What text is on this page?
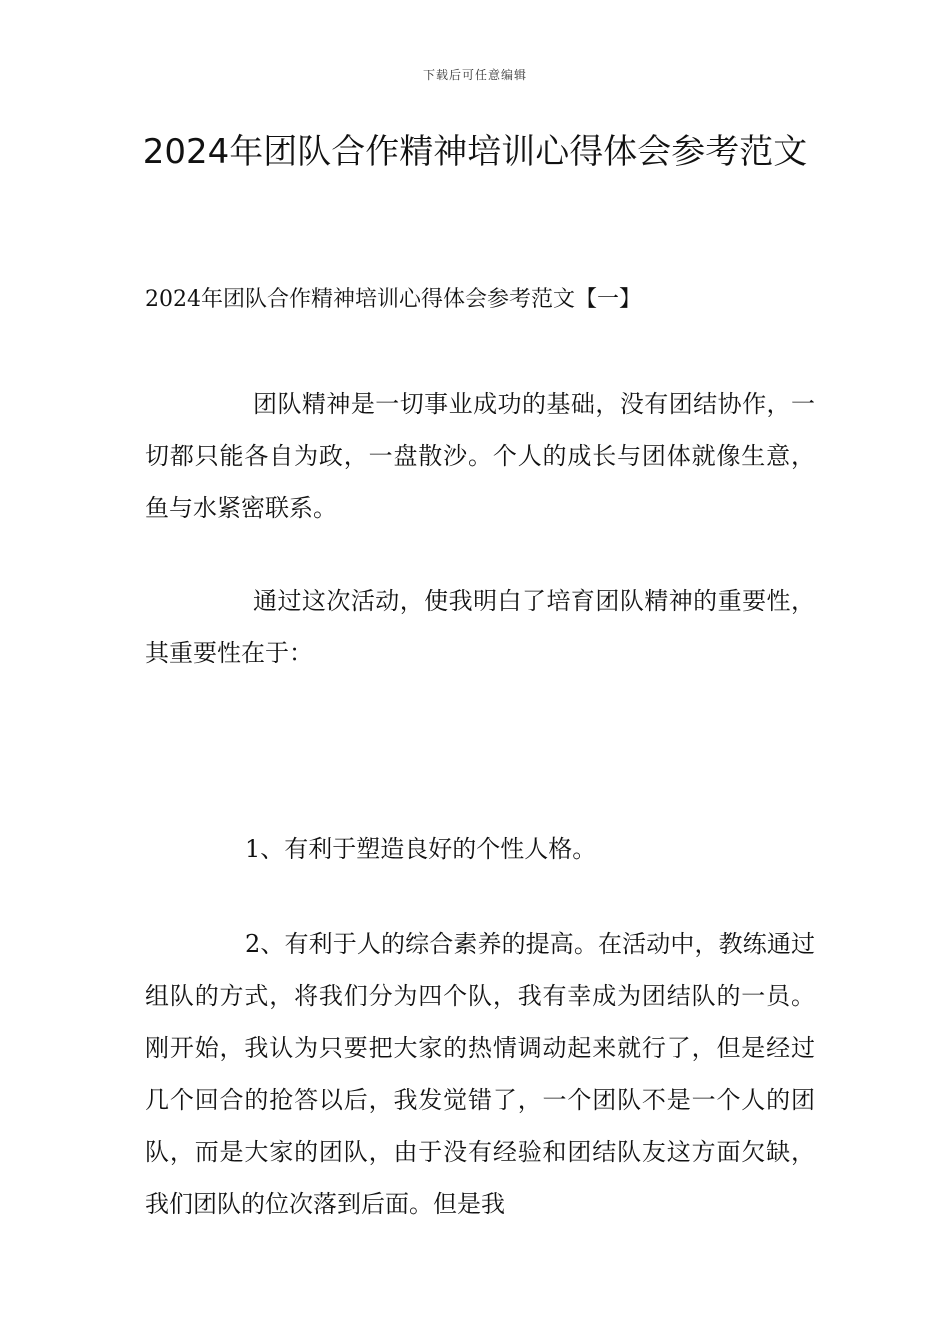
下载后可任意编辑
2024年团队合作精神培训心得体会参考范文
2024年团队合作精神培训心得体会参考范文【一】

团队精神是一切事业成功的基础，没有团结协作，一切都只能各自为政，一盘散沙。个人的成长与团体就像生意，鱼与水紧密联系。

通过这次活动，使我明白了培育团队精神的重要性，其重要性在于：

1、有利于塑造良好的个性人格。

2、有利于人的综合素养的提高。在活动中，教练通过组队的方式，将我们分为四个队，我有幸成为团结队的一员。刚开始，我认为只要把大家的热情调动起来就行了，但是经过几个回合的抢答以后，我发觉错了，一个团队不是一个人的团队，而是大家的团队，由于没有经验和团结队友这方面欠缺，我们团队的位次落到后面。但是我
